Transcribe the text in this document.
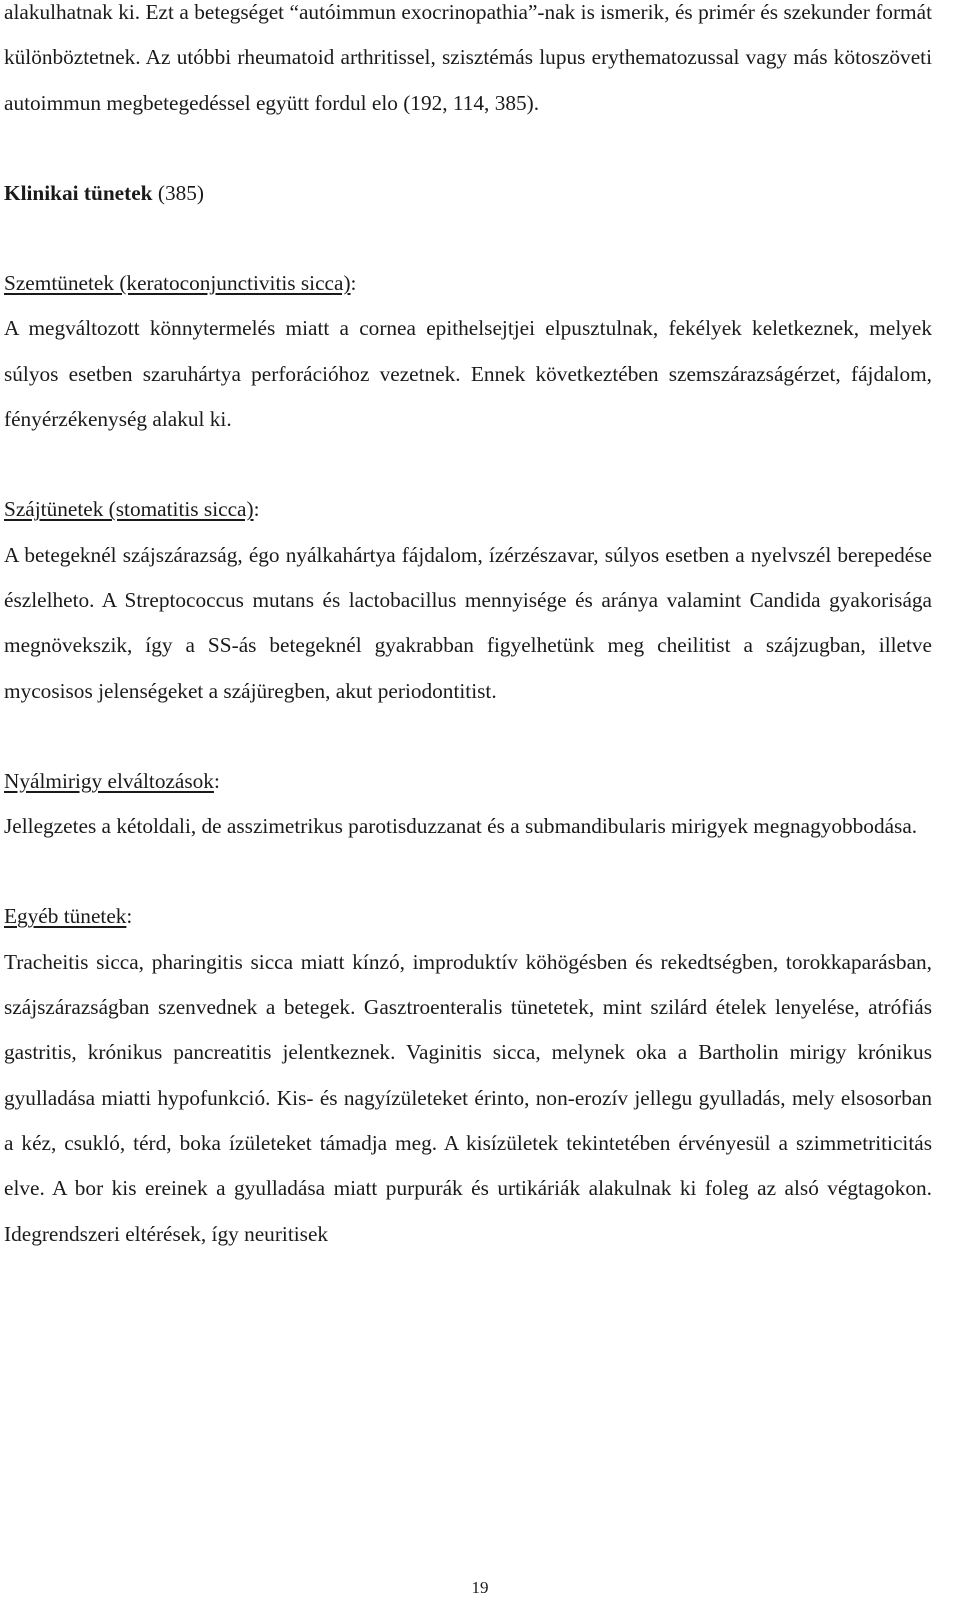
alakulhatnak ki. Ezt a betegséget “autóimmun exocrinopathia”-nak is ismerik, és primér és szekunder formát különböztetnek. Az utóbbi rheumatoid arthritissel, szisztémás lupus erythematozussal vagy más kötoszöveti autoimmun megbetegedéssel együtt fordul elo (192, 114, 385).

Klinikai tünetek (385)

Szemtünetek (keratoconjunctivitis sicca):

A megváltozott könnytermelés miatt a cornea epithelsejtjei elpusztulnak, fekélyek keletkeznek, melyek súlyos esetben szaruhártya perforációhoz vezetnek. Ennek következtében szemszárazságérzet, fájdalom, fényérzékenység alakul ki.

Szájtünetek (stomatitis sicca):

A betegeknél szájszárazság, égo nyálkahártya fájdalom, ízérzészavar, súlyos esetben a nyelvszél berepedése észlelheto. A Streptococcus mutans és lactobacillus mennyisége és aránya valamint Candida gyakorisága megnövekszik, így a SS-ás betegeknél gyakrabban figyelhetünk meg cheilitist a szájzugban, illetve mycosisos jelenségeket a szájüregben, akut periodontitist.

Nyálmirigy elváltozások:

Jellegzetes a kétoldali, de asszimetrikus parotisduzzanat és a submandibularis mirigyek megnagyobbodása.

Egyéb tünetek:

Tracheitis sicca, pharingitis sicca miatt kínzó, improduktív köhögésben és rekedtségben, torokkaparásban, szájszárazságban szenvednek a betegek. Gasztroenteralis tünetetek, mint szilárd ételek lenyelése, atrófiás gastritis, krónikus pancreatitis jelentkeznek. Vaginitis sicca, melynek oka a Bartholin mirigy krónikus gyulladása miatti hypofunkció. Kis- és nagyízületeket érinto, non-erozív jellegu gyulladás, mely elsosorban a kéz, csukló, térd, boka ízületeket támadja meg. A kisízületek tekintetében érvényesül a szimmetriticitás elve. A bor kis ereinek a gyulladása miatt purpurák és urtikáriák alakulnak ki foleg az alsó végtagokon. Idegrendszeri eltérések, így neuritisek

19
